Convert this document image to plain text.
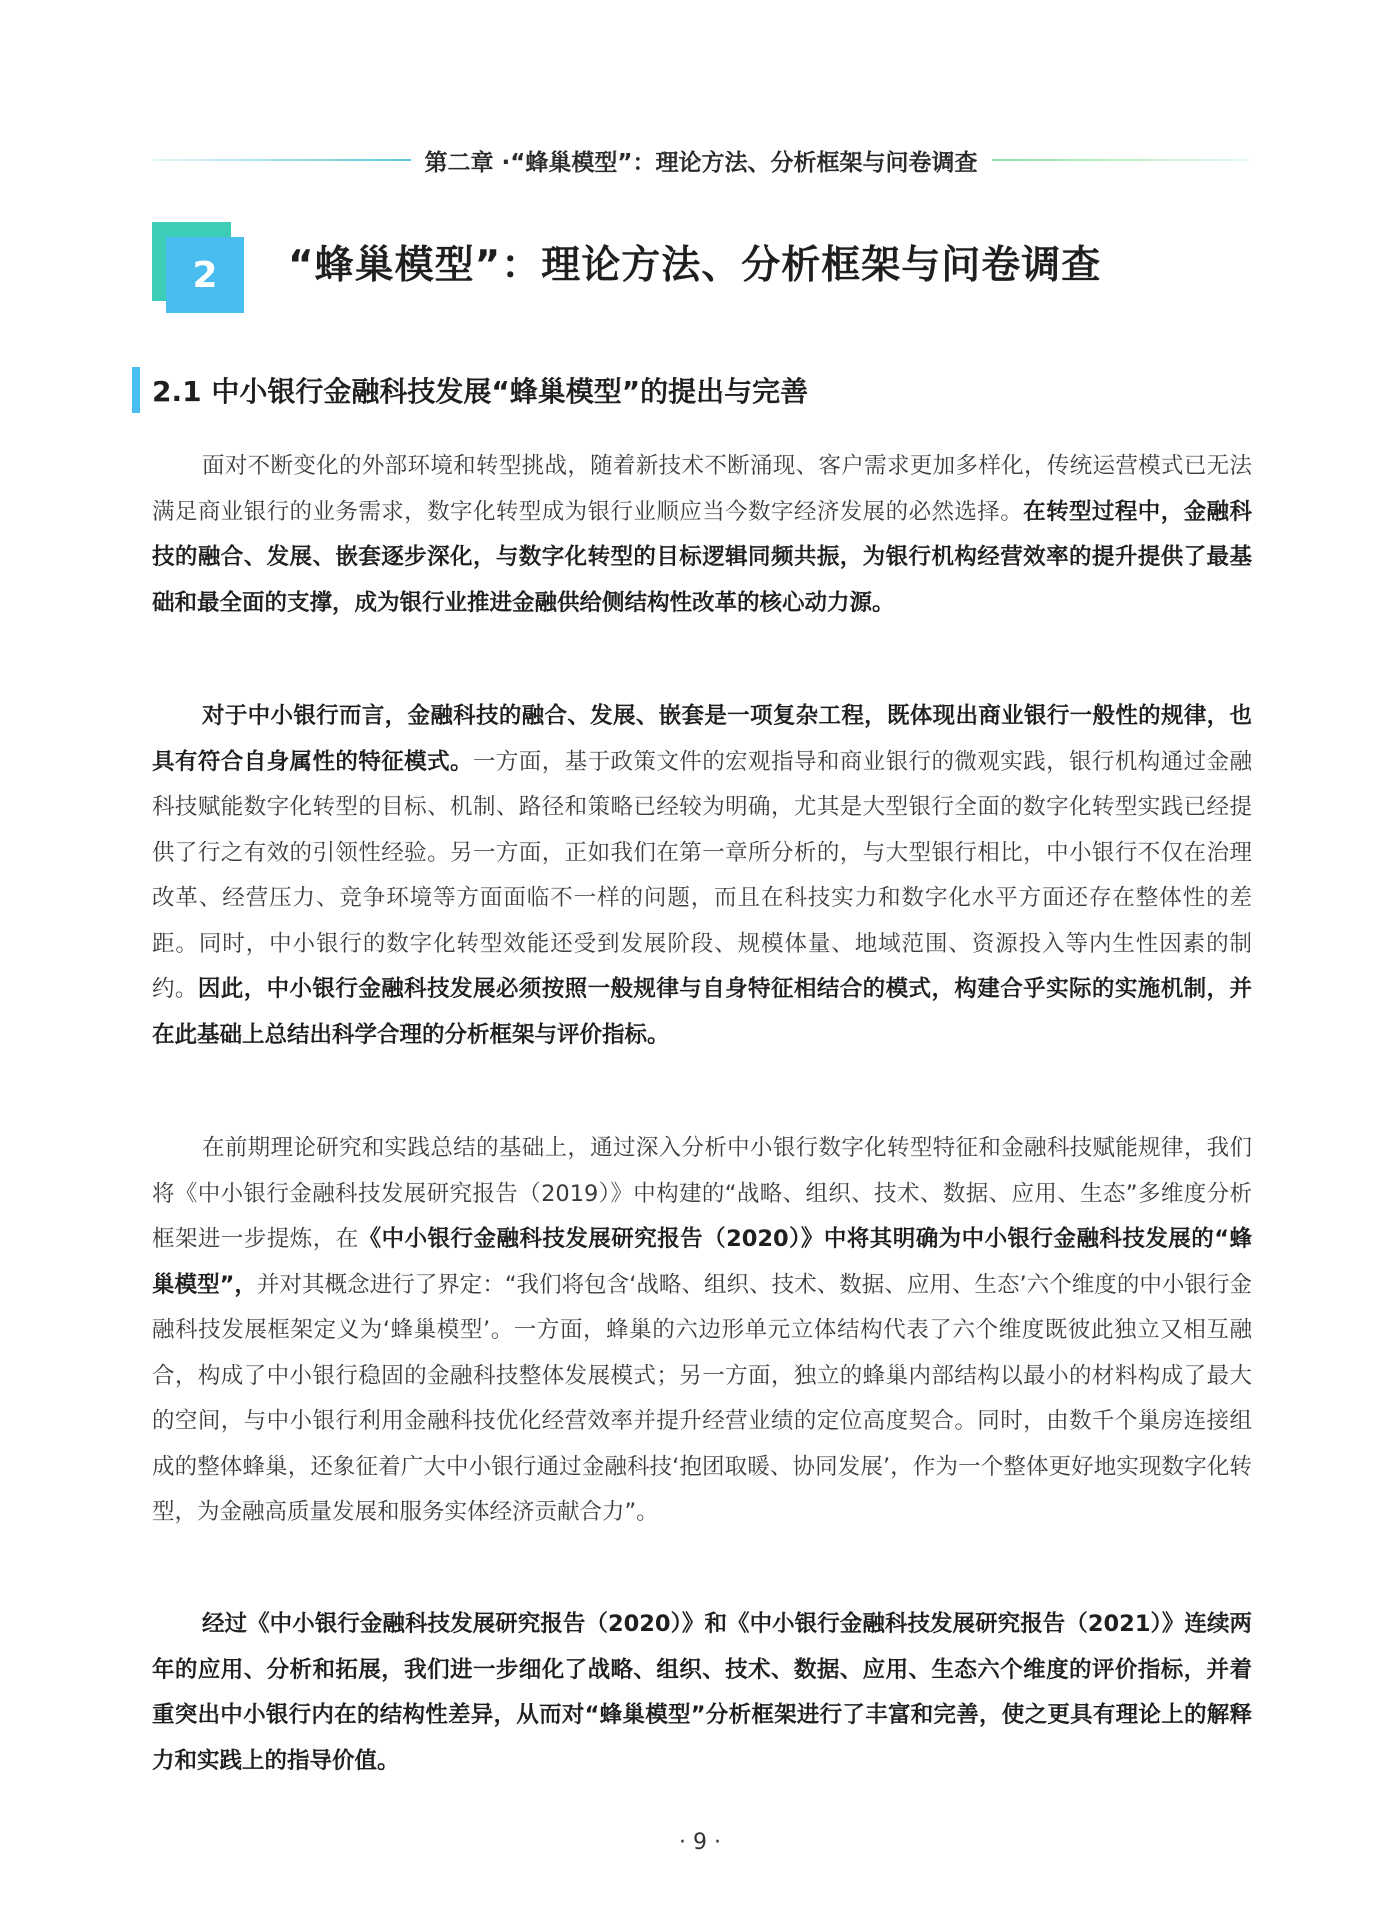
第二章 ·“蜂巢模型”：理论方法、分析框架与问卷调查
2	“蜂巢模型”：理论方法、分析框架与问卷调查
2.1 中小银行金融科技发展“蜂巢模型”的提出与完善

面对不断变化的外部环境和转型挑战，随着新技术不断涌现、客户需求更加多样化，传统运营模式已无法满足商业银行的业务需求，数字化转型成为银行业顺应当今数字经济发展的必然选择。在转型过程中，金融科技的融合、发展、嵌套逐步深化，与数字化转型的目标逻辑同频共振，为银行机构经营效率的提升提供了最基础和最全面的支撑，成为银行业推进金融供给侧结构性改革的核心动力源。

对于中小银行而言，金融科技的融合、发展、嵌套是一项复杂工程，既体现出商业银行一般性的规律，也具有符合自身属性的特征模式。一方面，基于政策文件的宏观指导和商业银行的微观实践，银行机构通过金融科技赋能数字化转型的目标、机制、路径和策略已经较为明确，尤其是大型银行全面的数字化转型实践已经提供了行之有效的引领性经验。另一方面，正如我们在第一章所分析的，与大型银行相比，中小银行不仅在治理改革、经营压力、竞争环境等方面面临不一样的问题，而且在科技实力和数字化水平方面还存在整体性的差距。同时，中小银行的数字化转型效能还受到发展阶段、规模体量、地域范围、资源投入等内生性因素的制约。因此，中小银行金融科技发展必须按照一般规律与自身特征相结合的模式，构建合乎实际的实施机制，并在此基础上总结出科学合理的分析框架与评价指标。

在前期理论研究和实践总结的基础上，通过深入分析中小银行数字化转型特征和金融科技赋能规律，我们将《中小银行金融科技发展研究报告（2019）》中构建的“战略、组织、技术、数据、应用、生态”多维度分析框架进一步提炼，在《中小银行金融科技发展研究报告（2020）》中将其明确为中小银行金融科技发展的“蜂巢模型”，并对其概念进行了界定：“我们将包含‘战略、组织、技术、数据、应用、生态’六个维度的中小银行金融科技发展框架定义为‘蜂巢模型’。一方面，蜂巢的六边形单元立体结构代表了六个维度既彼此独立又相互融合，构成了中小银行稳固的金融科技整体发展模式；另一方面，独立的蜂巢内部结构以最小的材料构成了最大的空间，与中小银行利用金融科技优化经营效率并提升经营业绩的定位高度契合。同时，由数千个巢房连接组成的整体蜂巢，还象征着广大中小银行通过金融科技‘抱团取暖、协同发展’，作为一个整体更好地实现数字化转型，为金融高质量发展和服务实体经济贡献合力”。

经过《中小银行金融科技发展研究报告（2020）》和《中小银行金融科技发展研究报告（2021）》连续两年的应用、分析和拓展，我们进一步细化了战略、组织、技术、数据、应用、生态六个维度的评价指标，并着重突出中小银行内在的结构性差异，从而对“蜂巢模型”分析框架进行了丰富和完善，使之更具有理论上的解释力和实践上的指导价值。

· 9 ·
